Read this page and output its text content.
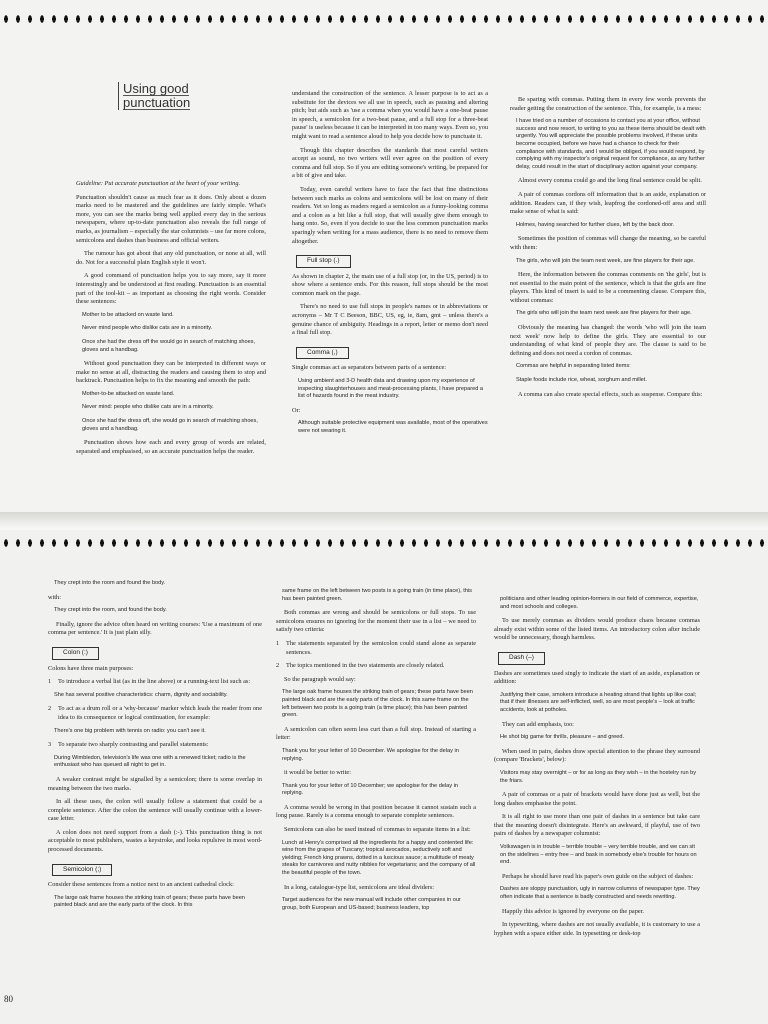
Using good
punctuation

Guideline: Put accurate punctuation at the heart of your writing.

Punctuation shouldn't cause as much fear as it does. Only about a dozen marks need to be mastered and the guidelines are fairly simple. What's more, you can see the marks being well applied every day in the serious newspapers, where up-to-date punctuation also reveals the full range of marks, as journalism – especially the star columnists – use far more colons, semicolons and dashes than business and official writers.

The rumour has got about that any old punctuation, or none at all, will do. Not for a successful plain English style it won't.

A good command of punctuation helps you to say more, say it more interestingly and be understood at first reading. Punctuation is an essential part of the tool-kit – as important as choosing the right words. Consider these sentences:

Mother to be attacked on waste land.

Never mind people who dislike cats are in a minority.

Once she had the dress off the would go in search of matching shoes, gloves and a handbag.

Without good punctuation they can be interpreted in different ways or make no sense at all, distracting the readers and causing them to stop and backtrack. Punctuation helps to fix the meaning and smooth the path:

Mother-to-be attacked on waste land.

Never mind: people who dislike cats are in a minority.

Once she had the dress off, she would go in search of matching shoes, gloves and a handbag.

Punctuation shows how each and every group of words are related, separated and emphasised, so an accurate punctuation helps the reader.

understand the construction of the sentence. A lesser purpose is to act as a substitute for the devices we all use in speech, such as pausing and altering pitch; but aids such as 'use a comma when you would have a one-beat pause in speech, a semicolon for a two-beat pause, and a full stop for a three-beat pause' is useless because it can be interpreted in too many ways. Even so, you might want to read a sentence aloud to help you decide how to punctuate it.

Though this chapter describes the standards that most careful writers accept as sound, no two writers will ever agree on the position of every comma and full stop. So if you are editing someone's writing, be prepared for a bit of give and take.

Today, even careful writers have to face the fact that fine distinctions between such marks as colons and semicolons will be lost on many of their readers. Yet so long as readers regard a semicolon as a funny-looking comma and a colon as a bit like a full stop, that will usually give them enough to hang onto. So, even if you decide to use the less common punctuation marks sparingly when writing for a mass audience, there is no need to remove them altogether.

Full stop (.)

As shown in chapter 2, the main use of a full stop (or, in the US, period) is to show where a sentence ends. For this reason, full stops should be the most common mark on the page.

There's no need to use full stops in people's names or in abbreviations or acronyms – Mr T C Beeson, BBC, US, eg, ie, 8am, gmt – unless there's a genuine chance of ambiguity. Headings in a report, letter or memo don't need a final full stop.

Comma (,)

Single commas act as separators between parts of a sentence:

Using ambient and 3-D health data and drawing upon my experience of inspecting slaughterhouses and meat-processing plants, I have prepared a list of hazards found in the meat industry.

Or:

Although suitable protective equipment was available, most of the operatives were not wearing it.

Be sparing with commas. Putting them in every few words prevents the reader getting the construction of the sentence. This, for example, is a mess:

I have tried on a number of occasions to contact you at your office, without success and now resort, to writing to you as these items should be dealt with urgently. You will appreciate the possible problems involved, if these units become occupied, before we have had a chance to check for their compliance with standards, and I would be obliged, if you would respond, by complying with my inspector's original request for compliance, as any further delay, could result in the start of disciplinary action against your company.

Almost every comma could go and the long final sentence could be split.

A pair of commas cordons off information that is an aside, explanation or addition. Readers can, if they wish, leapfrog the cordoned-off area and still make sense of what is said:

Holmes, having searched for further clues, left by the back door.

Sometimes the position of commas will change the meaning, so be careful with them:

The girls, who will join the team next week, are fine players for their age.

Here, the information between the commas comments on 'the girls', but is not essential to the main point of the sentence, which is that the girls are fine players. This kind of insert is said to be a commenting clause. Compare this, without commas:

The girls who will join the team next week are fine players for their age.

Obviously the meaning has changed: the words 'who will join the team next week' now help to define the girls. They are essential to our understanding of what kind of people they are. The clause is said to be defining and does not need a cordon of commas.

Commas are helpful in separating listed items:

Staple foods include rice, wheat, sorghum and millet.

A comma can also create special effects, such as suspense. Compare this:

They crept into the room and found the body.

with:

They crept into the room, and found the body.

Finally, ignore the advice often heard on writing courses: 'Use a maximum of one comma per sentence.' It is just plain silly.

Colon (:)

Colons have three main purposes:

1	To introduce a verbal list (as in the line above) or a running-text list such as:

She has several positive characteristics: charm, dignity and sociability.

2	To act as a drum roll or a 'why-because' marker which leads the reader from one idea to its consequence or logical continuation, for example:

There's one big problem with tennis on radio: you can't see it.

3	To separate two sharply contrasting and parallel statements:

During Wimbledon, television's life was one with a renewed ticket; radio is the enthusiast who has queued all night to get in.

A weaker contrast might be signalled by a semicolon; there is some overlap in meaning between the two marks.

In all these uses, the colon will usually follow a statement that could be a complete sentence. After the colon the sentence will usually continue with a lower-case letter.

A colon does not need support from a dash (:-). This punctuation thing is not acceptable to most publishers, wastes a keystroke, and looks repulsive in most word-processed documents.

Semicolon (;)

Consider these sentences from a notice next to an ancient cathedral clock:

The large oak frame houses the striking train of gears; these parts have been painted black and are the early parts of the clock. In this

same frame on the left between two posts is a going train (in time place), this has been painted green.

Both commas are wrong and should be semicolons or full stops. To use semicolons ensures no ignoring for the moment their use in a list – we need to satisfy two criteria:

1	The statements separated by the semicolon could stand alone as separate sentences.

2	The topics mentioned in the two statements are closely related.

So the paragraph would say:

The large oak frame houses the striking train of gears; these parts have been painted black and are the early parts of the clock. In this same frame on the left between two posts is a going train (a time place); this has been painted green.

A semicolon can often seem less curt than a full stop. Instead of starting a letter:

Thank you for your letter of 10 December. We apologise for the delay in replying.

it would be better to write:

Thank you for your letter of 10 December; we apologise for the delay in replying.

A comma would be wrong in that position because it cannot sustain such a long pause. Rarely is a comma enough to separate complete sentences.

Semicolons can also be used instead of commas to separate items in a list:

Lunch at Henry's comprised all the ingredients for a happy and contented life: wine from the grapes of Tuscany; tropical avocados, seductively soft and yielding; French king prawns, dotted in a luscious sauce; a multitude of meaty steaks for carnivores and nutty nibbles for vegetarians; and the company of all the beautiful people of the town.

In a long, catalogue-type list, semicolons are ideal dividers:

Target audiences for the new manual will include other companies in our group, both European and US-based; business leaders, top

politicians and other leading opinion-formers in our field of commerce, expertise, and most schools and colleges.

To use merely commas as dividers would produce chaos because commas already exist within some of the listed items. An introductory colon after include would be unnecessary, though harmless.

Dash (–)

Dashes are sometimes used singly to indicate the start of an aside, explanation or addition:

Justifying their case, smokers introduce a heating strand that lights up like coal; that if their illnesses are self-inflicted, well, so are most people's – look at traffic accidents, look at potholes.

They can add emphasis, too:

He shot big game for thrills, pleasure – and greed.

When used in pairs, dashes draw special attention to the phrase they surround (compare 'Brackets', below):

Visitors may stay overnight – or for as long as they wish – in the hostelry run by the friars.

A pair of commas or a pair of brackets would have done just as well, but the long dashes emphasise the point.

It is all right to use more than one pair of dashes in a sentence but take care that the meaning doesn't disintegrate. Here's an awkward, if playful, use of two pairs of dashes by a newspaper columnist:

Volkswagen is in trouble – terrible trouble – very terrible trouble, and we can sit on the sidelines – entry free – and bask in somebody else's trouble for hours on end.

Perhaps he should have read his paper's own guide on the subject of dashes:

Dashes are sloppy punctuation, ugly in narrow columns of newspaper type. They often indicate that a sentence is badly constructed and needs rewriting.

Happily this advice is ignored by everyone on the paper.

In typewriting, where dashes are not usually available, it is customary to use a hyphen with a space either side. In typesetting or desk-top

80
